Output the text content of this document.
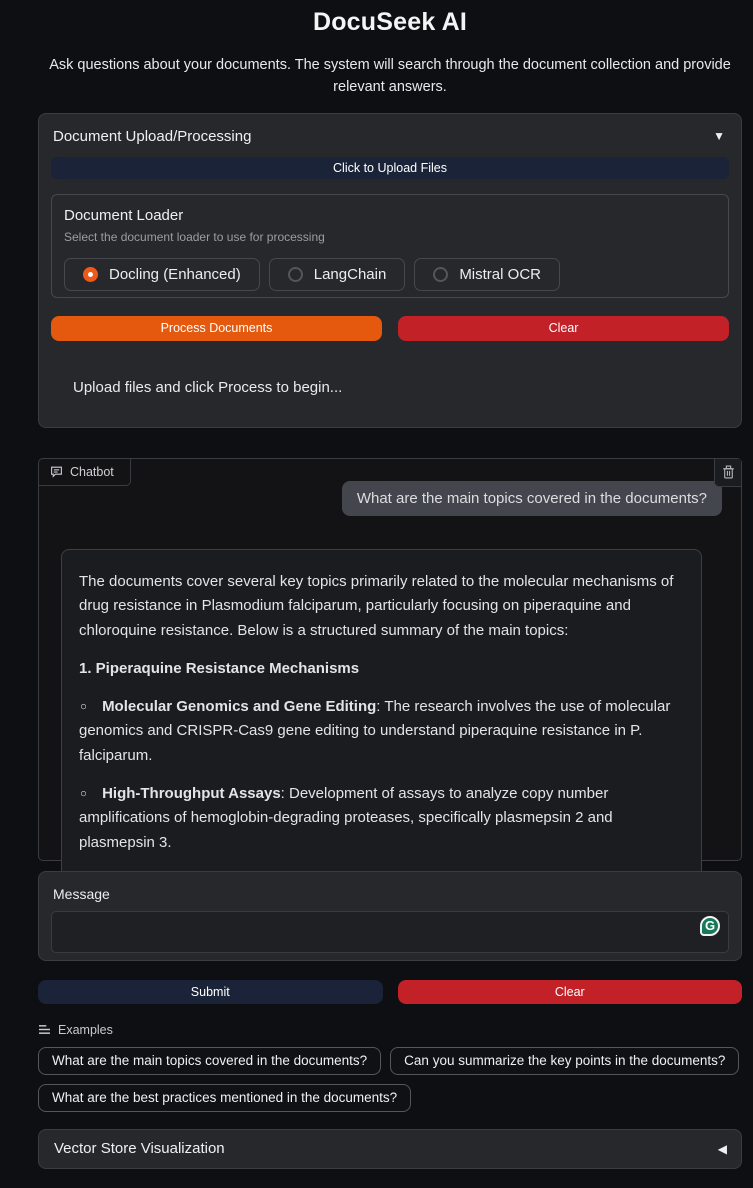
DocuSeek AI
Ask questions about your documents. The system will search through the document collection and provide relevant answers.
Document Upload/Processing	▼
Click to Upload Files
Document Loader
Select the document loader to use for processing
Docling (Enhanced)	LangChain	Mistral OCR
Process Documents	Clear
Upload files and click Process to begin...
Chatbot
What are the main topics covered in the documents?

The documents cover several key topics primarily related to the molecular mechanisms of drug resistance in Plasmodium falciparum, particularly focusing on piperaquine and chloroquine resistance. Below is a structured summary of the main topics:

1. Piperaquine Resistance Mechanisms

○ Molecular Genomics and Gene Editing: The research involves the use of molecular genomics and CRISPR-Cas9 gene editing to understand piperaquine resistance in P. falciparum.

○ High-Throughput Assays: Development of assays to analyze copy number amplifications of hemoglobin-degrading proteases, specifically plasmepsin 2 and plasmepsin 3.

Message
G
Submit	Clear
Examples
What are the main topics covered in the documents?	Can you summarize the key points in the documents?
What are the best practices mentioned in the documents?
Vector Store Visualization	◀
